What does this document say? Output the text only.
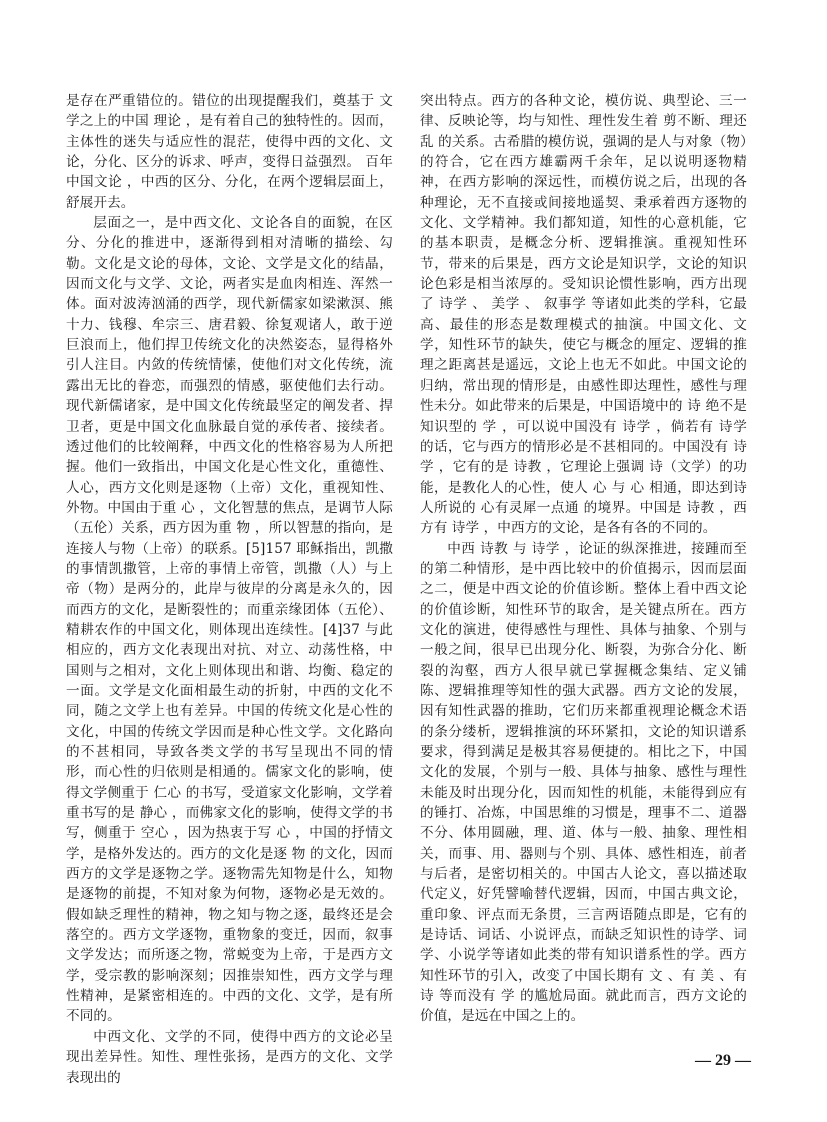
是存在严重错位的。错位的出现提醒我们，奠基于 文学之上的中国 理论 ，是有着自己的独特性的。因而，主体性的迷失与适应性的混茫，使得中西的文化、文论，分化、区分的诉求、呼声，变得日益强烈。 百年中国文论 ，中西的区分、分化，在两个逻辑层面上，舒展开去。

层面之一，是中西文化、文论各自的面貌，在区分、分化的推进中，逐渐得到相对清晰的描绘、勾勒。文化是文论的母体，文论、文学是文化的结晶，因而文化与文学、文论，两者实是血肉相连、浑然一体。面对波涛汹涌的西学，现代新儒家如梁漱溟、熊十力、钱穆、牟宗三、唐君毅、徐复观诸人，敢于逆巨浪而上，他们捍卫传统文化的决然姿态，显得格外引人注目。内敛的传统情愫，使他们对文化传统，流露出无比的眷恋，而强烈的情感，驱使他们去行动。现代新儒诸家，是中国文化传统最坚定的阐发者、捍卫者，更是中国文化血脉最自觉的承传者、接续者。透过他们的比较阐释，中西文化的性格容易为人所把握。他们一致指出，中国文化是心性文化，重德性、人心，西方文化则是逐物（上帝）文化，重视知性、外物。中国由于重 心 ，文化智慧的焦点，是调节人际（五伦）关系，西方因为重 物 ，所以智慧的指向，是连接人与物（上帝）的联系。[5]157 耶稣指出，凯撒的事情凯撒管，上帝的事情上帝管，凯撒（人）与上帝（物）是两分的，此岸与彼岸的分离是永久的，因而西方的文化，是断裂性的；而重亲缘团体（五伦）、精耕农作的中国文化，则体现出连续性。[4]37 与此相应的，西方文化表现出对抗、对立、动荡性格，中国则与之相对，文化上则体现出和谐、均衡、稳定的一面。文学是文化面相最生动的折射，中西的文化不同，随之文学上也有差异。中国的传统文化是心性的文化，中国的传统文学因而是种心性文学。文化路向的不甚相同，导致各类文学的书写呈现出不同的情形，而心性的归依则是相通的。儒家文化的影响，使得文学侧重于 仁心 的书写，受道家文化影响，文学着重书写的是 静心 ，而佛家文化的影响，使得文学的书写，侧重于 空心 ，因为热衷于写 心 ，中国的抒情文学，是格外发达的。西方的文化是逐 物 的文化，因而西方的文学是逐物之学。逐物需先知物是什么，知物是逐物的前提，不知对象为何物，逐物必是无效的。假如缺乏理性的精神，物之知与物之逐，最终还是会落空的。西方文学逐物，重物象的变迁，因而，叙事文学发达；而所逐之物，常蜕变为上帝，于是西方文学，受宗教的影响深刻；因推崇知性，西方文学与理性精神，是紧密相连的。中西的文化、文学，是有所不同的。

中西文化、文学的不同，使得中西方的文论必呈现出差异性。知性、理性张扬，是西方的文化、文学表现出的

突出特点。西方的各种文论，模仿说、典型论、三一律、反映论等，均与知性、理性发生着 剪不断、理还乱 的关系。古希腊的模仿说，强调的是人与对象（物）的符合，它在西方雄霸两千余年，足以说明逐物精神，在西方影响的深远性，而模仿说之后，出现的各种理论，无不直接或间接地遥契、秉承着西方逐物的文化、文学精神。我们都知道，知性的心意机能，它的基本职责，是概念分析、逻辑推演。重视知性环节，带来的后果是，西方文论是知识学，文论的知识论色彩是相当浓厚的。受知识论惯性影响，西方出现了 诗学 、 美学 、 叙事学 等诸如此类的学科，它最高、最佳的形态是数理模式的抽演。中国文化、文学，知性环节的缺失，使它与概念的厘定、逻辑的推理之距离甚是遥远，文论上也无不如此。中国文论的归纳，常出现的情形是，由感性即达理性，感性与理性未分。如此带来的后果是，中国语境中的 诗 绝不是知识型的 学 ，可以说中国没有 诗学 ，倘若有 诗学 的话，它与西方的情形必是不甚相同的。中国没有 诗学 ，它有的是 诗教 ，它理论上强调 诗（文学）的功能，是教化人的心性，使人 心 与 心 相通，即达到诗人所说的 心有灵犀一点通 的境界。中国是 诗教 ，西方有 诗学 ，中西方的文论，是各有各的不同的。

中西 诗教 与 诗学 ，论证的纵深推进，接踵而至的第二种情形，是中西比较中的价值揭示，因而层面之二，便是中西文论的价值诊断。整体上看中西文论的价值诊断，知性环节的取舍，是关键点所在。西方文化的演进，使得感性与理性、具体与抽象、个别与一般之间，很早已出现分化、断裂，为弥合分化、断裂的沟壑，西方人很早就已掌握概念集结、定义铺陈、逻辑推理等知性的强大武器。西方文论的发展，因有知性武器的推助，它们历来都重视理论概念术语的条分缕析，逻辑推演的环环紧扣，文论的知识谱系要求，得到满足是极其容易便捷的。相比之下，中国文化的发展，个别与一般、具体与抽象、感性与理性未能及时出现分化，因而知性的机能，未能得到应有的锤打、冶炼，中国思维的习惯是，理事不二、道器不分、体用圆融，理、道、体与一般、抽象、理性相关，而事、用、器则与个别、具体、感性相连，前者与后者，是密切相关的。中国古人论文，喜以描述取代定义，好凭譬喻替代逻辑，因而，中国古典文论，重印象、评点而无条贯，三言两语随点即是，它有的是诗话、词话、小说评点，而缺乏知识性的诗学、词学、小说学等诸如此类的带有知识谱系性的学。西方知性环节的引入，改变了中国长期有 文 、有 美 、有 诗 等而没有 学 的尴尬局面。就此而言，西方文论的价值，是远在中国之上的。

— 29 —
